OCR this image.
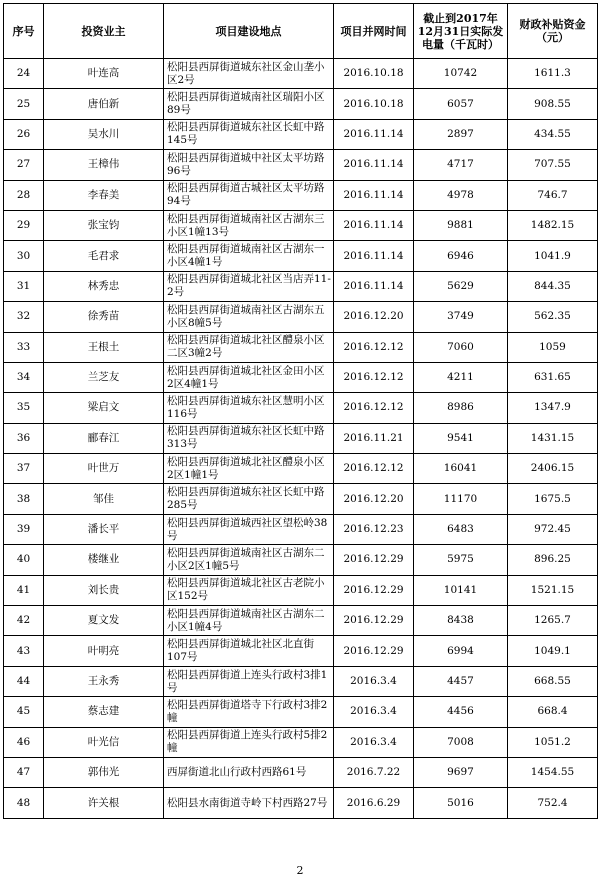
序号	投资业主	项目建设地点	项目并网时间	截止到2017年12月31日实际发电量（千瓦时）	财政补贴资金（元）
24	叶连高	松阳县西屏街道城东社区金山垄小区2号	2016.10.18	10742	1611.3
25	唐伯新	松阳县西屏街道城南社区瑞阳小区89号	2016.10.18	6057	908.55
26	吴水川	松阳县西屏街道城东社区长虹中路145号	2016.11.14	2897	434.55
27	王樟伟	松阳县西屏街道城中社区太平坊路96号	2016.11.14	4717	707.55
28	李春美	松阳县西屏街道古城社区太平坊路94号	2016.11.14	4978	746.7
29	张宝钧	松阳县西屏街道城南社区古湖东三小区1幢13号	2016.11.14	9881	1482.15
30	毛君求	松阳县西屏街道城南社区古湖东一小区4幢1号	2016.11.14	6946	1041.9
31	林秀忠	松阳县西屏街道城北社区当店弄11-2号	2016.11.14	5629	844.35
32	徐秀苗	松阳县西屏街道城南社区古湖东五小区8幢5号	2016.12.20	3749	562.35
33	王根土	松阳县西屏街道城北社区醴泉小区二区3幢2号	2016.12.12	7060	1059
34	兰芝友	松阳县西屏街道城北社区金田小区2区4幢1号	2016.12.12	4211	631.65
35	梁启文	松阳县西屏街道城东社区慧明小区116号	2016.12.12	8986	1347.9
36	郦春江	松阳县西屏街道城东社区长虹中路313号	2016.11.21	9541	1431.15
37	叶世万	松阳县西屏街道城北社区醴泉小区2区1幢1号	2016.12.12	16041	2406.15
38	邹佳	松阳县西屏街道城东社区长虹中路285号	2016.12.20	11170	1675.5
39	潘长平	松阳县西屏街道城西社区望松岭38号	2016.12.23	6483	972.45
40	楼继业	松阳县西屏街道城南社区古湖东二小区2区1幢5号	2016.12.29	5975	896.25
41	刘长贵	松阳县西屏街道城北社区古老院小区152号	2016.12.29	10141	1521.15
42	夏文发	松阳县西屏街道城南社区古湖东二小区1幢4号	2016.12.29	8438	1265.7
43	叶明亮	松阳县西屏街道城北社区北直街107号	2016.12.29	6994	1049.1
44	王永秀	松阳县西屏街道上连头行政村3排1号	2016.3.4	4457	668.55
45	蔡志建	松阳县西屏街道塔寺下行政村3排2幢	2016.3.4	4456	668.4
46	叶光信	松阳县西屏街道上连头行政村5排2幢	2016.3.4	7008	1051.2
47	郭伟光	西屏街道北山行政村西路61号	2016.7.22	9697	1454.55
48	许关根	松阳县水南街道寺岭下村西路27号	2016.6.29	5016	752.4
2
